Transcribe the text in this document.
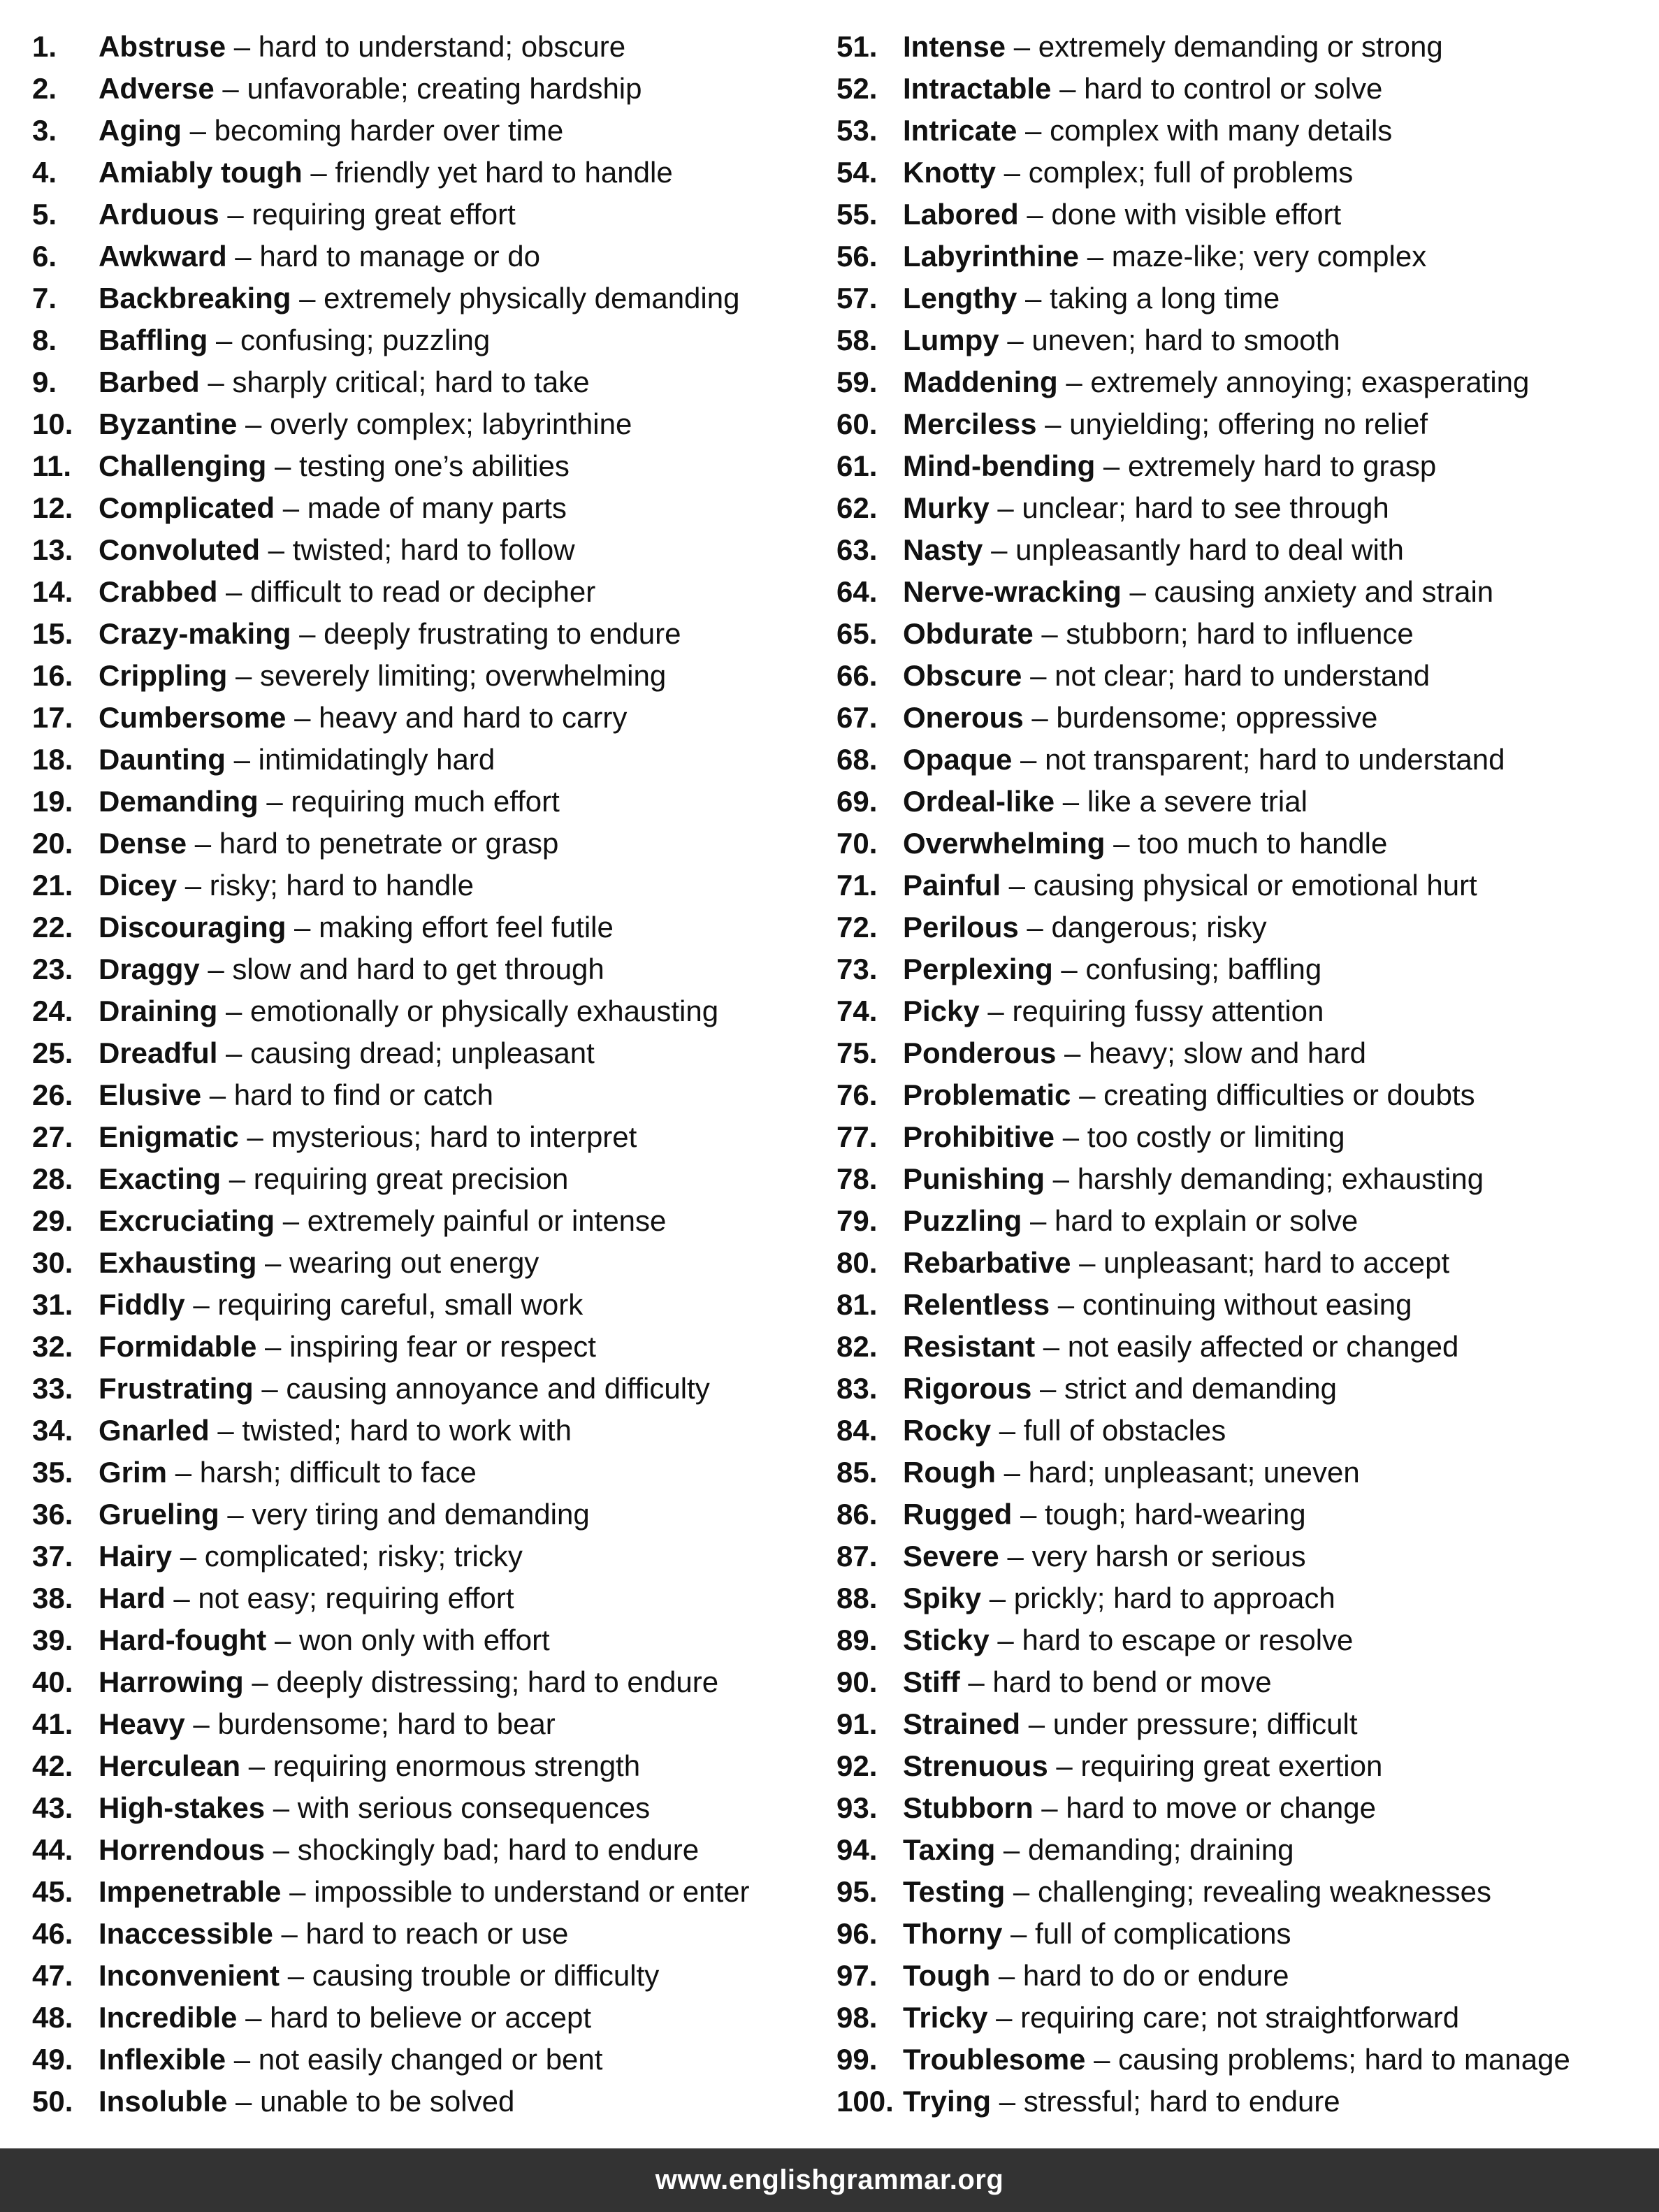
1.	Abstruse – hard to understand; obscure
2.	Adverse – unfavorable; creating hardship
3.	Aging – becoming harder over time
4.	Amiably tough – friendly yet hard to handle
5.	Arduous – requiring great effort
6.	Awkward – hard to manage or do
7.	Backbreaking – extremely physically demanding
8.	Baffling – confusing; puzzling
9.	Barbed – sharply critical; hard to take
10. Byzantine – overly complex; labyrinthine
11. Challenging – testing one’s abilities
12. Complicated – made of many parts
13. Convoluted – twisted; hard to follow
14. Crabbed – difficult to read or decipher
15. Crazy-making – deeply frustrating to endure
16. Crippling – severely limiting; overwhelming
17. Cumbersome – heavy and hard to carry
18. Daunting – intimidatingly hard
19. Demanding – requiring much effort
20. Dense – hard to penetrate or grasp
21. Dicey – risky; hard to handle
22. Discouraging – making effort feel futile
23. Draggy – slow and hard to get through
24. Draining – emotionally or physically exhausting
25. Dreadful – causing dread; unpleasant
26. Elusive – hard to find or catch
27. Enigmatic – mysterious; hard to interpret
28. Exacting – requiring great precision
29. Excruciating – extremely painful or intense
30. Exhausting – wearing out energy
31. Fiddly – requiring careful, small work
32. Formidable – inspiring fear or respect
33. Frustrating – causing annoyance and difficulty
34. Gnarled – twisted; hard to work with
35. Grim – harsh; difficult to face
36. Grueling – very tiring and demanding
37. Hairy – complicated; risky; tricky
38. Hard – not easy; requiring effort
39. Hard-fought – won only with effort
40. Harrowing – deeply distressing; hard to endure
41. Heavy – burdensome; hard to bear
42. Herculean – requiring enormous strength
43. High-stakes – with serious consequences
44. Horrendous – shockingly bad; hard to endure
45. Impenetrable – impossible to understand or enter
46. Inaccessible – hard to reach or use
47. Inconvenient – causing trouble or difficulty
48. Incredible – hard to believe or accept
49. Inflexible – not easily changed or bent
50. Insoluble – unable to be solved
51. Intense – extremely demanding or strong
52. Intractable – hard to control or solve
53. Intricate – complex with many details
54. Knotty – complex; full of problems
55. Labored – done with visible effort
56. Labyrinthine – maze-like; very complex
57. Lengthy – taking a long time
58. Lumpy – uneven; hard to smooth
59. Maddening – extremely annoying; exasperating
60. Merciless – unyielding; offering no relief
61. Mind-bending – extremely hard to grasp
62. Murky – unclear; hard to see through
63. Nasty – unpleasantly hard to deal with
64. Nerve-wracking – causing anxiety and strain
65. Obdurate – stubborn; hard to influence
66. Obscure – not clear; hard to understand
67. Onerous – burdensome; oppressive
68. Opaque – not transparent; hard to understand
69. Ordeal-like – like a severe trial
70. Overwhelming – too much to handle
71. Painful – causing physical or emotional hurt
72. Perilous – dangerous; risky
73. Perplexing – confusing; baffling
74. Picky – requiring fussy attention
75. Ponderous – heavy; slow and hard
76. Problematic – creating difficulties or doubts
77. Prohibitive – too costly or limiting
78. Punishing – harshly demanding; exhausting
79. Puzzling – hard to explain or solve
80. Rebarbative – unpleasant; hard to accept
81. Relentless – continuing without easing
82. Resistant – not easily affected or changed
83. Rigorous – strict and demanding
84. Rocky – full of obstacles
85. Rough – hard; unpleasant; uneven
86. Rugged – tough; hard-wearing
87. Severe – very harsh or serious
88. Spiky – prickly; hard to approach
89. Sticky – hard to escape or resolve
90. Stiff – hard to bend or move
91. Strained – under pressure; difficult
92. Strenuous – requiring great exertion
93. Stubborn – hard to move or change
94. Taxing – demanding; draining
95. Testing – challenging; revealing weaknesses
96. Thorny – full of complications
97. Tough – hard to do or endure
98. Tricky – requiring care; not straightforward
99. Troublesome – causing problems; hard to manage
100. Trying – stressful; hard to endure
www.englishgrammar.org
